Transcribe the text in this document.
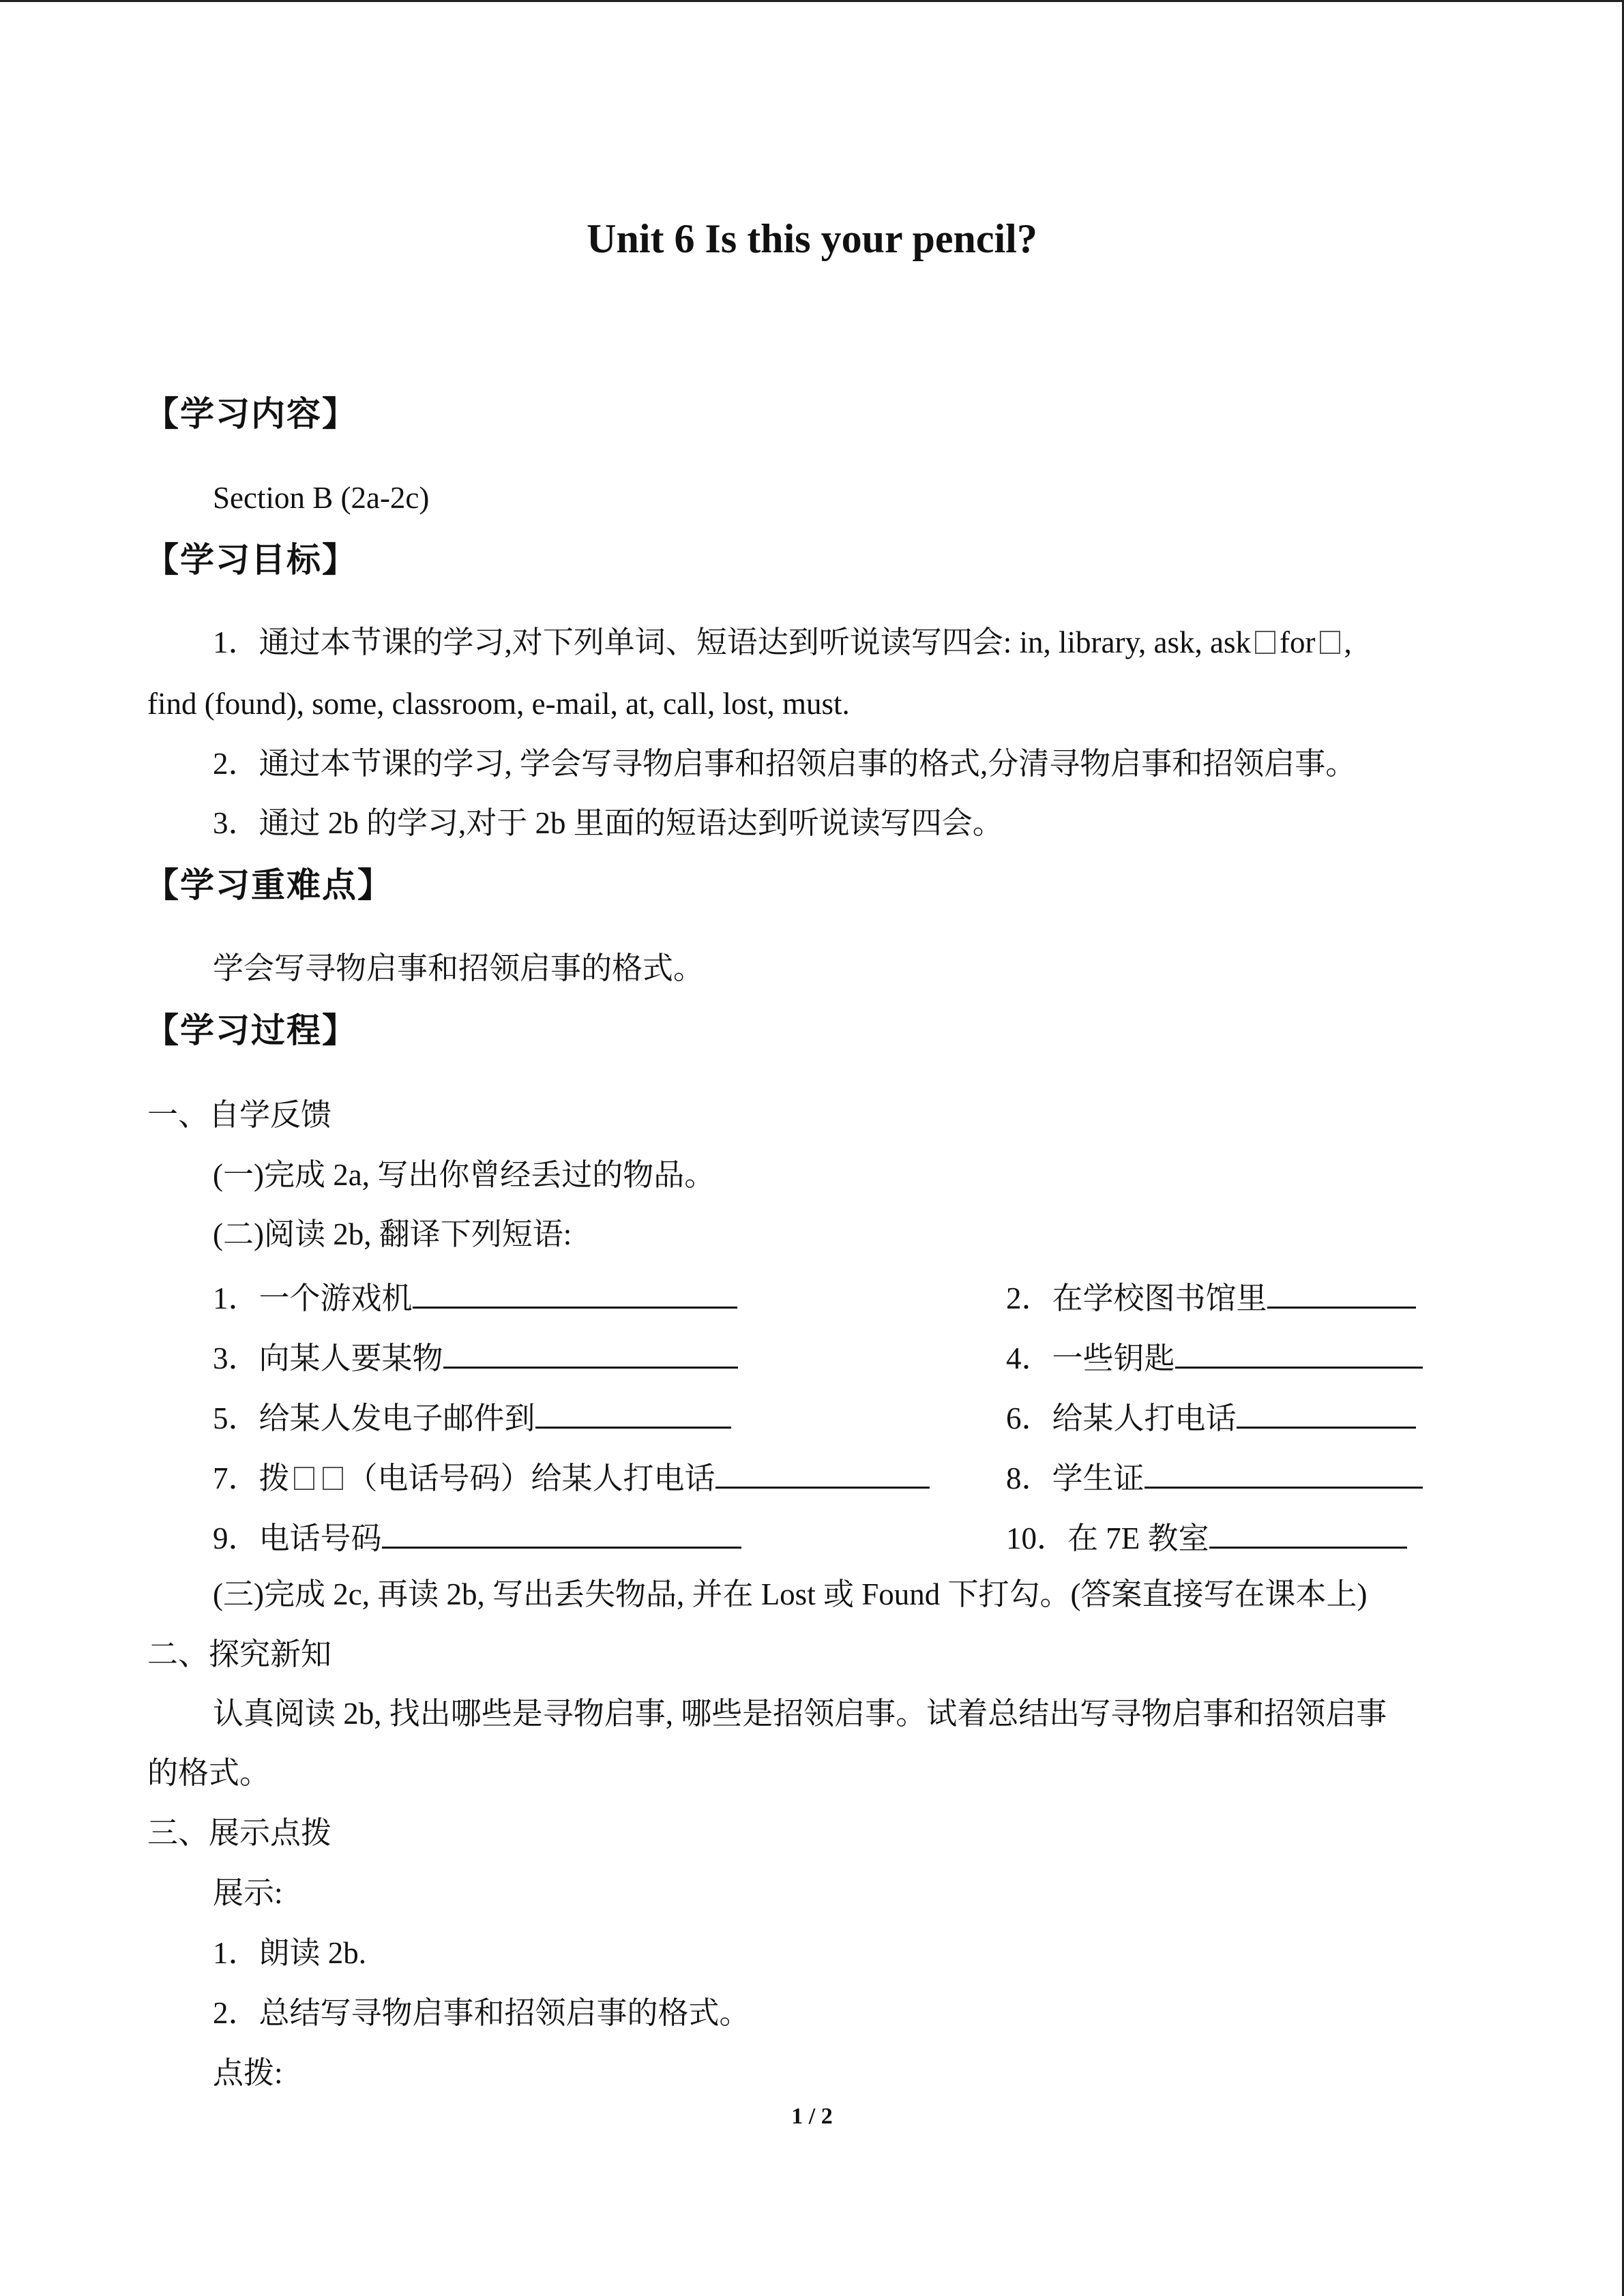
Unit 6 Is this your pencil?
【学习内容】
Section B (2a-2c)
【学习目标】
1．通过本节课的学习,对下列单词、短语达到听说读写四会: in, library, ask, ask for ,
find (found), some, classroom, e-mail, at, call, lost, must.
2．通过本节课的学习, 学会写寻物启事和招领启事的格式,分清寻物启事和招领启事。
3．通过 2b 的学习,对于 2b 里面的短语达到听说读写四会。
【学习重难点】
学会写寻物启事和招领启事的格式。
【学习过程】
一、自学反馈
(一)完成 2a, 写出你曾经丢过的物品。
(二)阅读 2b, 翻译下列短语:
1．一个游戏机	2．在学校图书馆里
3．向某人要某物	4．一些钥匙
5．给某人发电子邮件到	6．给某人打电话
7．拨 （电话号码）给某人打电话	8．学生证
9．电话号码	10．在 7E 教室
(三)完成 2c, 再读 2b, 写出丢失物品, 并在 Lost 或 Found 下打勾。(答案直接写在课本上)
二、探究新知
认真阅读 2b, 找出哪些是寻物启事, 哪些是招领启事。试着总结出写寻物启事和招领启事
的格式。
三、展示点拨
展示:
1．朗读 2b.
2．总结写寻物启事和招领启事的格式。
点拨:
1 / 2
